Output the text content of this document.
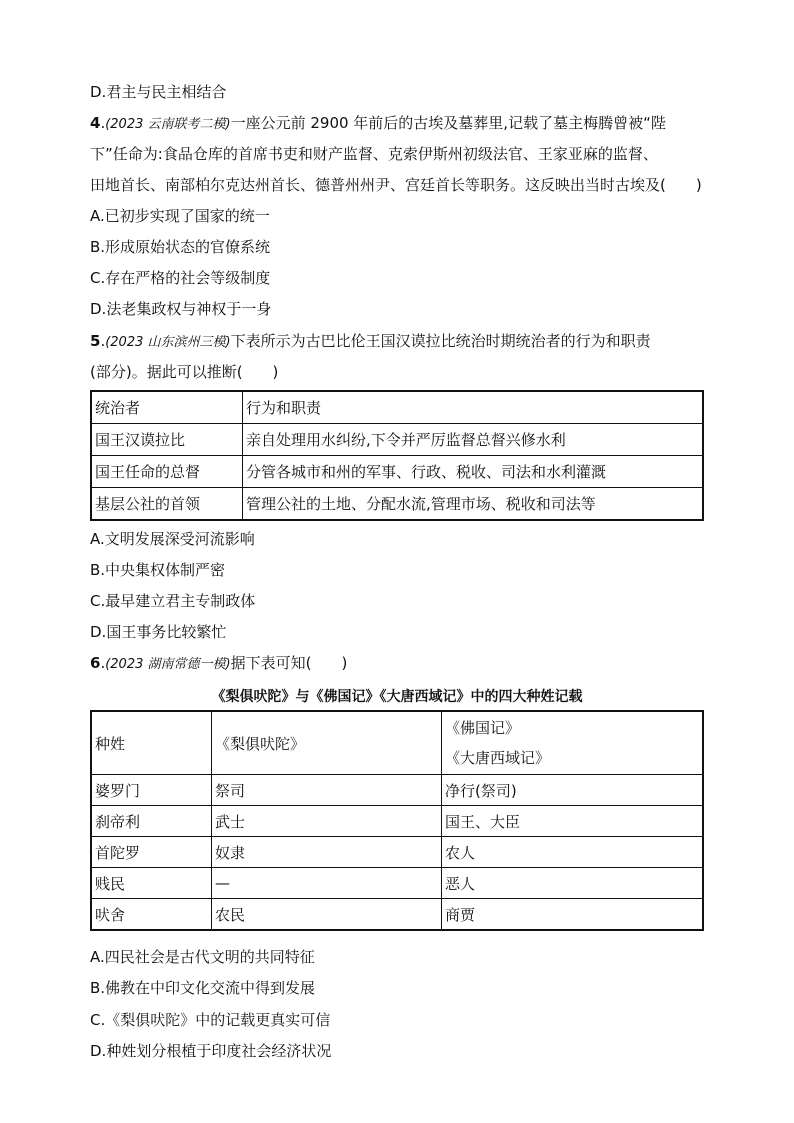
D.君主与民主相结合
4.(2023 云南联考二模)一座公元前 2900 年前后的古埃及墓葬里,记载了墓主梅腾曾被“陛
下”任命为:食品仓库的首席书吏和财产监督、克索伊斯州初级法官、王家亚麻的监督、
田地首长、南部柏尔克达州首长、德普州州尹、宫廷首长等职务。这反映出当时古埃及(　　)
A.已初步实现了国家的统一
B.形成原始状态的官僚系统
C.存在严格的社会等级制度
D.法老集政权与神权于一身
5.(2023 山东滨州三模)下表所示为古巴比伦王国汉谟拉比统治时期统治者的行为和职责
(部分)。据此可以推断(　　)
统治者	行为和职责
国王汉谟拉比	亲自处理用水纠纷,下令并严厉监督总督兴修水利
国王任命的总督	分管各城市和州的军事、行政、税收、司法和水利灌溉
基层公社的首领	管理公社的土地、分配水流,管理市场、税收和司法等
A.文明发展深受河流影响
B.中央集权体制严密
C.最早建立君主专制政体
D.国王事务比较繁忙
6.(2023 湖南常德一模)据下表可知(　　)
《梨俱吠陀》与《佛国记》《大唐西域记》中的四大种姓记载
种姓	《梨俱吠陀》	《佛国记》
《大唐西域记》

婆罗门	祭司	净行(祭司)
刹帝利	武士	国王、大臣
首陀罗	奴隶	农人
贱民	—	恶人
吠舍	农民	商贾
A.四民社会是古代文明的共同特征
B.佛教在中印文化交流中得到发展
C.《梨俱吠陀》中的记载更真实可信
D.种姓划分根植于印度社会经济状况
